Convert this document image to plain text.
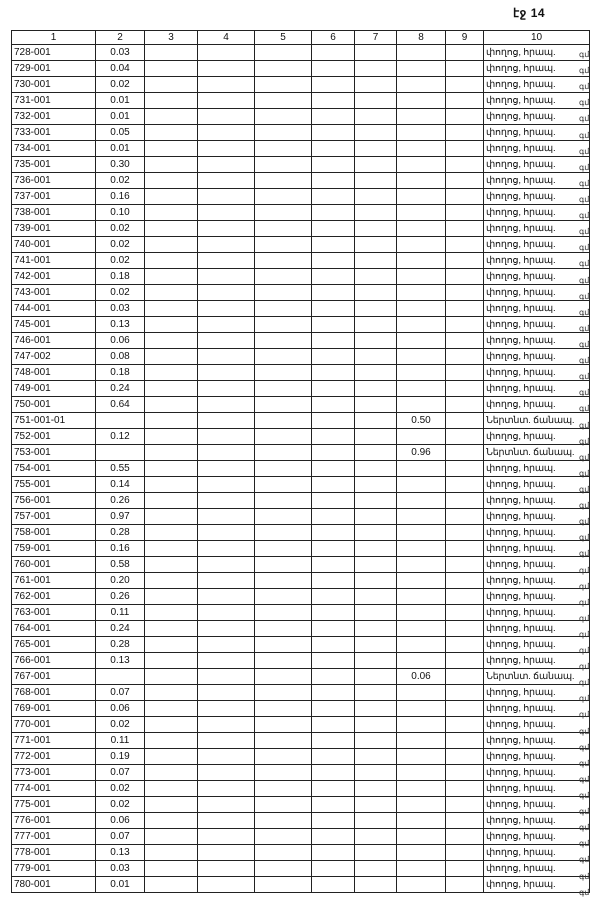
էջ 14
1	2	3	4	5	6	7	8	9	10
728-001	0.03								փողոց, հրապ.
729-001	0.04								փողոց, հրապ.
730-001	0.02								փողոց, հրապ.
731-001	0.01								փողոց, հրապ.
732-001	0.01								փողոց, հրապ.
733-001	0.05								փողոց, հրապ.
734-001	0.01								փողոց, հրապ.
735-001	0.30								փողոց, հրապ.
736-001	0.02								փողոց, հրապ.
737-001	0.16								փողոց, հրապ.
738-001	0.10								փողոց, հրապ.
739-001	0.02								փողոց, հրապ.
740-001	0.02								փողոց, հրապ.
741-001	0.02								փողոց, հրապ.
742-001	0.18								փողոց, հրապ.
743-001	0.02								փողոց, հրապ.
744-001	0.03								փողոց, հրապ.
745-001	0.13								փողոց, հրապ.
746-001	0.06								փողոց, հրապ.
747-002	0.08								փողոց, հրապ.
748-001	0.18								փողոց, հրապ.
749-001	0.24								փողոց, հրապ.
750-001	0.64								փողոց, հրապ.
751-001-01							0.50		Ներտնտ. ճանապ.
752-001	0.12								փողոց, հրապ.
753-001							0.96		Ներտնտ. ճանապ.
754-001	0.55								փողոց, հրապ.
755-001	0.14								փողոց, հրապ.
756-001	0.26								փողոց, հրապ.
757-001	0.97								փողոց, հրապ.
758-001	0.28								փողոց, հրապ.
759-001	0.16								փողոց, հրապ.
760-001	0.58								փողոց, հրապ.
761-001	0.20								փողոց, հրապ.
762-001	0.26								փողոց, հրապ.
763-001	0.11								փողոց, հրապ.
764-001	0.24								փողոց, հրապ.
765-001	0.28								փողոց, հրապ.
766-001	0.13								փողոց, հրապ.
767-001							0.06		Ներտնտ. ճանապ.
768-001	0.07								փողոց, հրապ.
769-001	0.06								փողոց, հրապ.
770-001	0.02								փողոց, հրապ.
771-001	0.11								փողոց, հրապ.
772-001	0.19								փողոց, հրապ.
773-001	0.07								փողոց, հրապ.
774-001	0.02								փողոց, հրապ.
775-001	0.02								փողոց, հրապ.
776-001	0.06								փողոց, հրապ.
777-001	0.07								փողոց, հրապ.
778-001	0.13								փողոց, հրապ.
779-001	0.03								փողոց, հրապ.
780-001	0.01								փողոց, հրապ.
գմ
գմ
գմ
գմ
գմ
գմ
գմ
գմ
գմ
գմ
գմ
գմ
գմ
գմ
գմ
գմ
գմ
գմ
գմ
գմ
գմ
գմ
գմ
գմ
գմ
գմ
գմ
գմ
գմ
գմ
գմ
գմ
գմ
գմ
գմ
գմ
գմ
գմ
գմ
գմ
գմ
գմ
գմ
գմ
գմ
գմ
գմ
գմ
գմ
գմ
գմ
գմ
գմ
